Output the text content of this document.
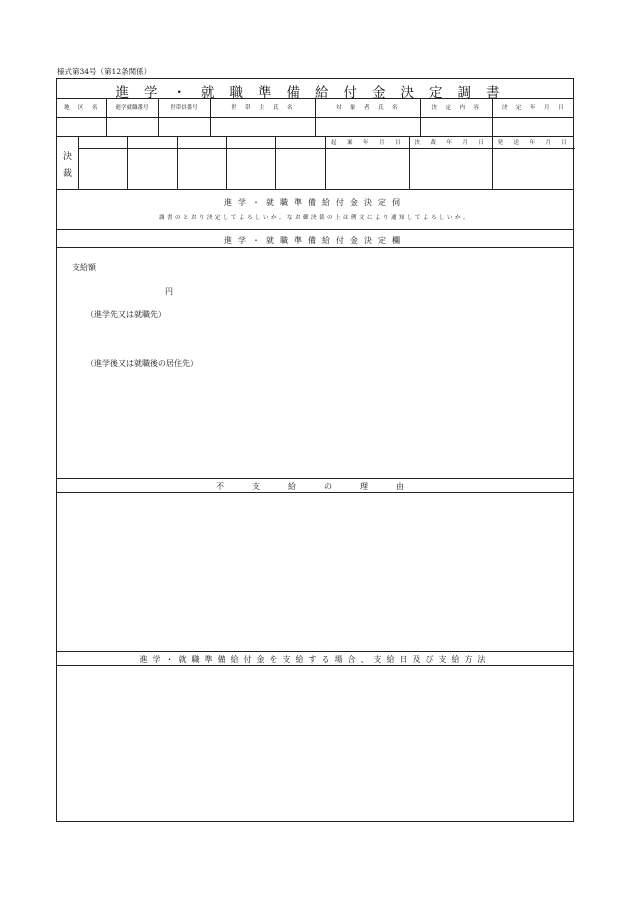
様式第34号（第12条関係）
進学・就職準備給付金決定調書
地　区　名	進学就職番号	世帯員番号	世　帯　主　氏　名	対　象　者　氏　名	決　定　内　容	決　定　年　月　日
決
裁
起　案　年　月　日	決　裁　年　月　日	発　送　年　月　日
進学・就職準備給付金決定伺
調書のとおり決定してよろしいか。なお御決裁の上は例文により通知してよろしいか。
進学・就職準備給付金決定欄
支給額
円
（進学先又は就職先）
（進学後又は就職後の居住先）
不　支　給　の　理　由
進学・就職準備給付金を支給する場合、支給日及び支給方法
